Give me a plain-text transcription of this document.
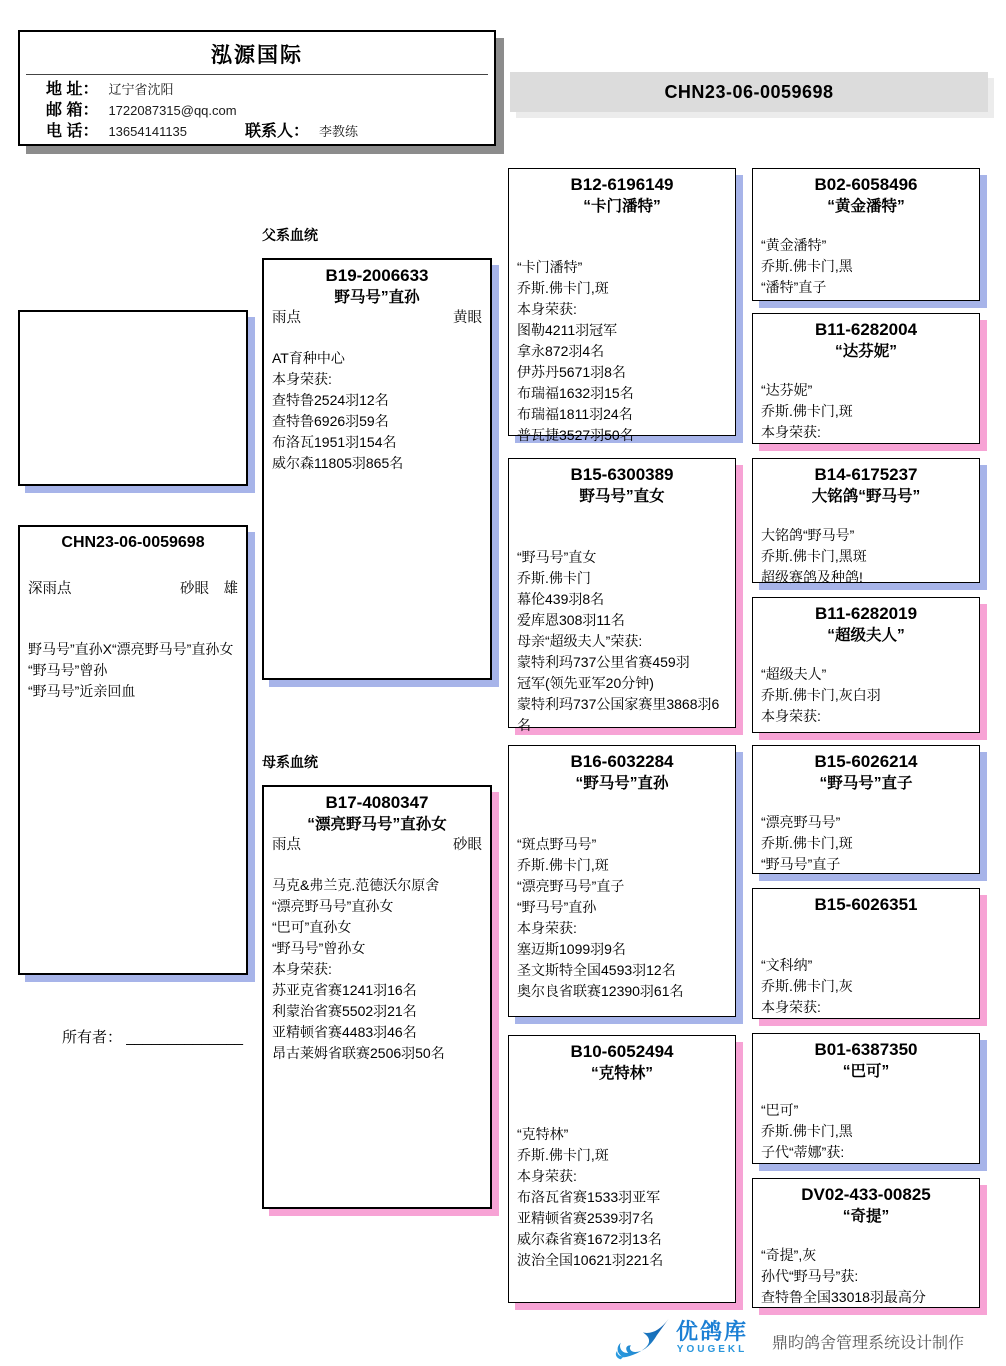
泓源国际
地 址： 辽宁省沈阳
邮 箱： 1722087315@qq.com
电 话： 13654141135	联系人： 李教练
CHN23-06-0059698
CHN23-06-0059698
深雨点	砂眼　雄
野马号”直孙X“漂亮野马号”直孙女
“野马号”曾孙
“野马号”近亲回血
所有者： ______________
父系血统
母系血统
B19-2006633
野马号”直孙
雨点	黄眼
AT育种中心
本身荣获:
查特鲁2524羽12名
查特鲁6926羽59名
布洛瓦1951羽154名
威尔森11805羽865名
B17-4080347
“漂亮野马号”直孙女
雨点	砂眼
马克&弗兰克.范德沃尔原舍
“漂亮野马号”直孙女
“巴可”直孙女
“野马号”曾孙女
本身荣获:
苏亚克省赛1241羽16名
利蒙治省赛5502羽21名
亚精顿省赛4483羽46名
昂古莱姆省联赛2506羽50名
B12-6196149
“卡门潘特”
“卡门潘特”
乔斯.佛卡门,斑
本身荣获:
图勒4211羽冠军
拿永872羽4名
伊苏丹5671羽8名
布瑞福1632羽15名
布瑞福1811羽24名
普瓦捷3527羽50名
B15-6300389
野马号”直女
“野马号”直女
乔斯.佛卡门
幕伦439羽8名
爱库恩308羽11名
母亲“超级夫人”荣获:
蒙特利玛737公里省赛459羽
冠军(领先亚军20分钟)
蒙特利玛737公国家赛里3868羽6名
B16-6032284
“野马号”直孙
“斑点野马号”
乔斯.佛卡门,斑
“漂亮野马号”直子
“野马号”直孙
本身荣获:
塞迈斯1099羽9名
圣文斯特全国4593羽12名
奥尔良省联赛12390羽61名
B10-6052494
“克特林”
“克特林”
乔斯.佛卡门,斑
本身荣获:
布洛瓦省赛1533羽亚军
亚精顿省赛2539羽7名
威尔森省赛1672羽13名
波治全国10621羽221名
B02-6058496
“黄金潘特”
“黄金潘特”
乔斯.佛卡门,黑
“潘特”直子
B11-6282004
“达芬妮”
“达芬妮”
乔斯.佛卡门,斑
本身荣获:
B14-6175237
大铭鸽“野马号”
大铭鸽“野马号”
乔斯.佛卡门,黑斑
超级赛鸽及种鸽!
B11-6282019
“超级夫人”
“超级夫人”
乔斯.佛卡门,灰白羽
本身荣获:
B15-6026214
“野马号”直子
“漂亮野马号”
乔斯.佛卡门,斑
“野马号”直子
B15-6026351
“文科纳”
乔斯.佛卡门,灰
本身荣获:
B01-6387350
“巴可”
“巴可”
乔斯.佛卡门,黑
子代“蒂娜”获:
DV02-433-00825
“奇提”
“奇提”,灰
孙代“野马号”获:
查特鲁全国33018羽最高分
优鸽库
YOUGEKL 鼎昀鸽舍管理系统设计制作
